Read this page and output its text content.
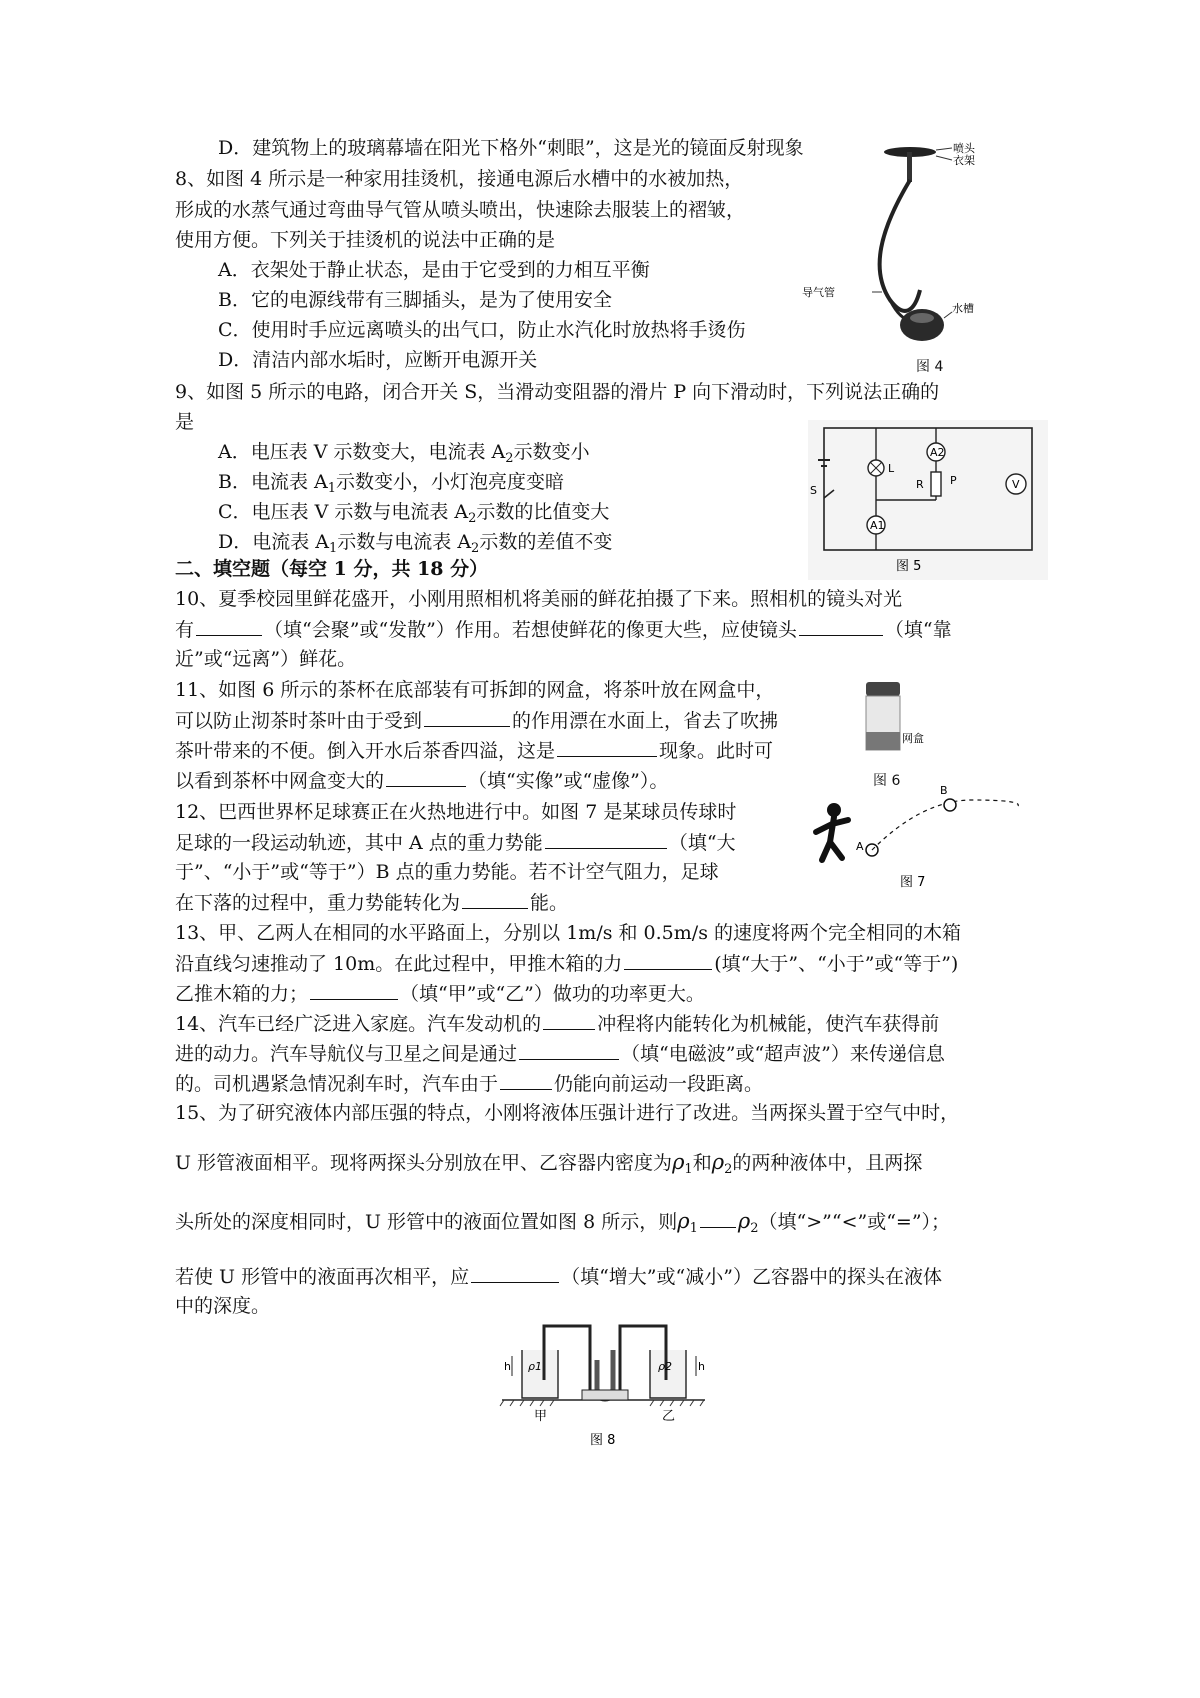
D．建筑物上的玻璃幕墙在阳光下格外“刺眼”，这是光的镜面反射现象
8、如图 4 所示是一种家用挂烫机，接通电源后水槽中的水被加热，
形成的水蒸气通过弯曲导气管从喷头喷出，快速除去服装上的褶皱，
使用方便。下列关于挂烫机的说法中正确的是
A．衣架处于静止状态，是由于它受到的力相互平衡
B．它的电源线带有三脚插头，是为了使用安全
C．使用时手应远离喷头的出气口，防止水汽化时放热将手烫伤
D．清洁内部水垢时，应断开电源开关
喷头
衣架
导气管
水槽
图 4
9、如图 5 所示的电路，闭合开关 S，当滑动变阻器的滑片 P 向下滑动时，下列说法正确的
是
A．电压表 V 示数变大，电流表 $A_2$示数变小
B．电流表 $A_1$示数变小，小灯泡亮度变暗
C．电压表 V 示数与电流表 $A_2$示数的比值变大
D．电流表 $A_1$示数与电流表 $A_2$示数的差值不变
A2
A1
V
L
R P
S
图 5
二、填空题（每空 1 分，共 18 分）
10、夏季校园里鲜花盛开，小刚用照相机将美丽的鲜花拍摄了下来。照相机的镜头对光
有	（填“会聚”或“发散”）作用。若想使鲜花的像更大些，应使镜头	（填“靠
近”或“远离”）鲜花。
11、如图 6 所示的茶杯在底部装有可拆卸的网盒，将茶叶放在网盒中，
可以防止沏茶时茶叶由于受到	的作用漂在水面上，省去了吹拂
茶叶带来的不便。倒入开水后茶香四溢，这是	现象。此时可
以看到茶杯中网盒变大的	（填“实像”或“虚像”）。
网盒
图 6
12、巴西世界杯足球赛正在火热地进行中。如图 7 是某球员传球时
足球的一段运动轨迹，其中 A 点的重力势能	（填“大
于”、“小于”或“等于”）B 点的重力势能。若不计空气阻力，足球
在下落的过程中，重力势能转化为	能。
A
B
图 7
13、甲、乙两人在相同的水平路面上，分别以 1m/s 和 0.5m/s 的速度将两个完全相同的木箱
沿直线匀速推动了 10m。在此过程中，甲推木箱的力	(填“大于”、“小于”或“等于”)
乙推木箱的力；	（填“甲”或“乙”）做功的功率更大。
14、汽车已经广泛进入家庭。汽车发动机的	冲程将内能转化为机械能，使汽车获得前
进的动力。汽车导航仪与卫星之间是通过	（填“电磁波”或“超声波”）来传递信息
的。司机遇紧急情况刹车时，汽车由于	仍能向前运动一段距离。
15、为了研究液体内部压强的特点，小刚将液体压强计进行了改进。当两探头置于空气中时，
U 形管液面相平。现将两探头分别放在甲、乙容器内密度为$\rho_1$和$\rho_2$的两种液体中，且两探
头所处的深度相同时，U 形管中的液面位置如图 8 所示，则$\rho_1$ $\rho_2$（填“>”“<”或“=”）；
若使 U 形管中的液面再次相平，应	（填“增大”或“减小”）乙容器中的探头在液体
中的深度。
h	h
ρ1	ρ2
甲	乙
图 8
